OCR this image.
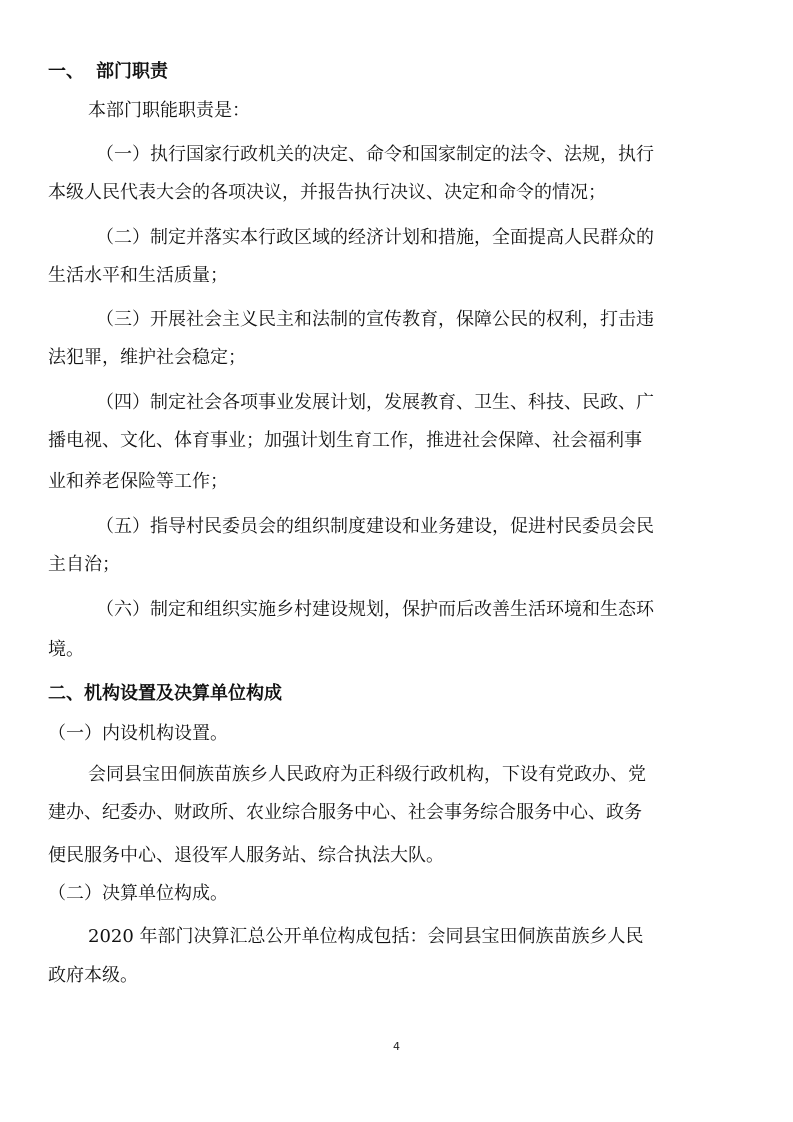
一、 部门职责
本部门职能职责是：
（一）执行国家行政机关的决定、命令和国家制定的法令、法规，执行
本级人民代表大会的各项决议，并报告执行决议、决定和命令的情况；
（二）制定并落实本行政区域的经济计划和措施，全面提高人民群众的
生活水平和生活质量；
（三）开展社会主义民主和法制的宣传教育，保障公民的权利，打击违
法犯罪，维护社会稳定；
（四）制定社会各项事业发展计划，发展教育、卫生、科技、民政、广
播电视、文化、体育事业；加强计划生育工作，推进社会保障、社会福利事
业和养老保险等工作；
（五）指导村民委员会的组织制度建设和业务建设，促进村民委员会民
主自治；
（六）制定和组织实施乡村建设规划，保护而后改善生活环境和生态环
境。
二、机构设置及决算单位构成
（一）内设机构设置。
会同县宝田侗族苗族乡人民政府为正科级行政机构，下设有党政办、党
建办、纪委办、财政所、农业综合服务中心、社会事务综合服务中心、政务
便民服务中心、退役军人服务站、综合执法大队。
（二）决算单位构成。
2020 年部门决算汇总公开单位构成包括：会同县宝田侗族苗族乡人民
政府本级。
4
